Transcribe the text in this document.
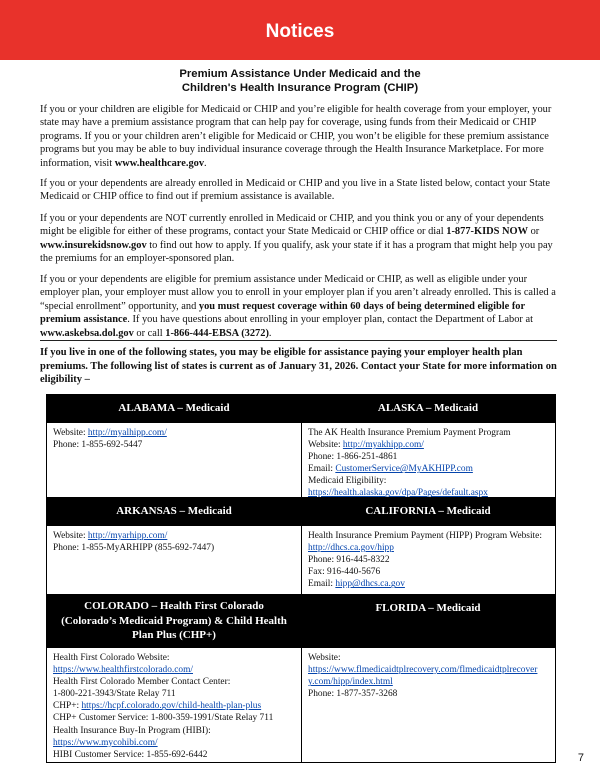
Notices
Premium Assistance Under Medicaid and the
Children's Health Insurance Program (CHIP)

If you or your children are eligible for Medicaid or CHIP and you’re eligible for health coverage from your employer, your state may have a premium assistance program that can help pay for coverage, using funds from their Medicaid or CHIP programs. If you or your children aren’t eligible for Medicaid or CHIP, you won’t be eligible for these premium assistance programs but you may be able to buy individual insurance coverage through the Health Insurance Marketplace. For more information, visit www.healthcare.gov.

If you or your dependents are already enrolled in Medicaid or CHIP and you live in a State listed below, contact your State Medicaid or CHIP office to find out if premium assistance is available.

If you or your dependents are NOT currently enrolled in Medicaid or CHIP, and you think you or any of your dependents might be eligible for either of these programs, contact your State Medicaid or CHIP office or dial 1-877-KIDS NOW or www.insurekidsnow.gov to find out how to apply. If you qualify, ask your state if it has a program that might help you pay the premiums for an employer-sponsored plan.

If you or your dependents are eligible for premium assistance under Medicaid or CHIP, as well as eligible under your employer plan, your employer must allow you to enroll in your employer plan if you aren’t already enrolled. This is called a “special enrollment” opportunity, and you must request coverage within 60 days of being determined eligible for premium assistance. If you have questions about enrolling in your employer plan, contact the Department of Labor at www.askebsa.dol.gov or call 1-866-444-EBSA (3272).

If you live in one of the following states, you may be eligible for assistance paying your employer health plan premiums. The following list of states is current as of January 31, 2026. Contact your State for more information on eligibility –

ALABAMA – Medicaid	ALASKA – Medicaid
Website: http://myalhipp.com/
Phone: 1-855-692-5447
The AK Health Insurance Premium Payment Program
Website: http://myakhipp.com/
Phone: 1-866-251-4861
Email: CustomerService@MyAKHIPP.com
Medicaid Eligibility:
https://health.alaska.gov/dpa/Pages/default.aspx
ARKANSAS – Medicaid	CALIFORNIA – Medicaid
Website: http://myarhipp.com/
Phone: 1-855-MyARHIPP (855-692-7447)
Health Insurance Premium Payment (HIPP) Program Website:
http://dhcs.ca.gov/hipp
Phone: 916-445-8322
Fax: 916-440-5676
Email: hipp@dhcs.ca.gov
COLORADO – Health First Colorado
(Colorado’s Medicaid Program) & Child Health
Plan Plus (CHP+)
FLORIDA – Medicaid
Health First Colorado Website:
https://www.healthfirstcolorado.com/
Health First Colorado Member Contact Center:
1-800-221-3943/State Relay 711
CHP+: https://hcpf.colorado.gov/child-health-plan-plus
CHP+ Customer Service: 1-800-359-1991/State Relay 711
Health Insurance Buy-In Program (HIBI):
https://www.mycohibi.com/
HIBI Customer Service: 1-855-692-6442
Website:
https://www.flmedicaidtplrecovery.com/flmedicaidtplrecover
y.com/hipp/index.html
Phone: 1-877-357-3268
7
